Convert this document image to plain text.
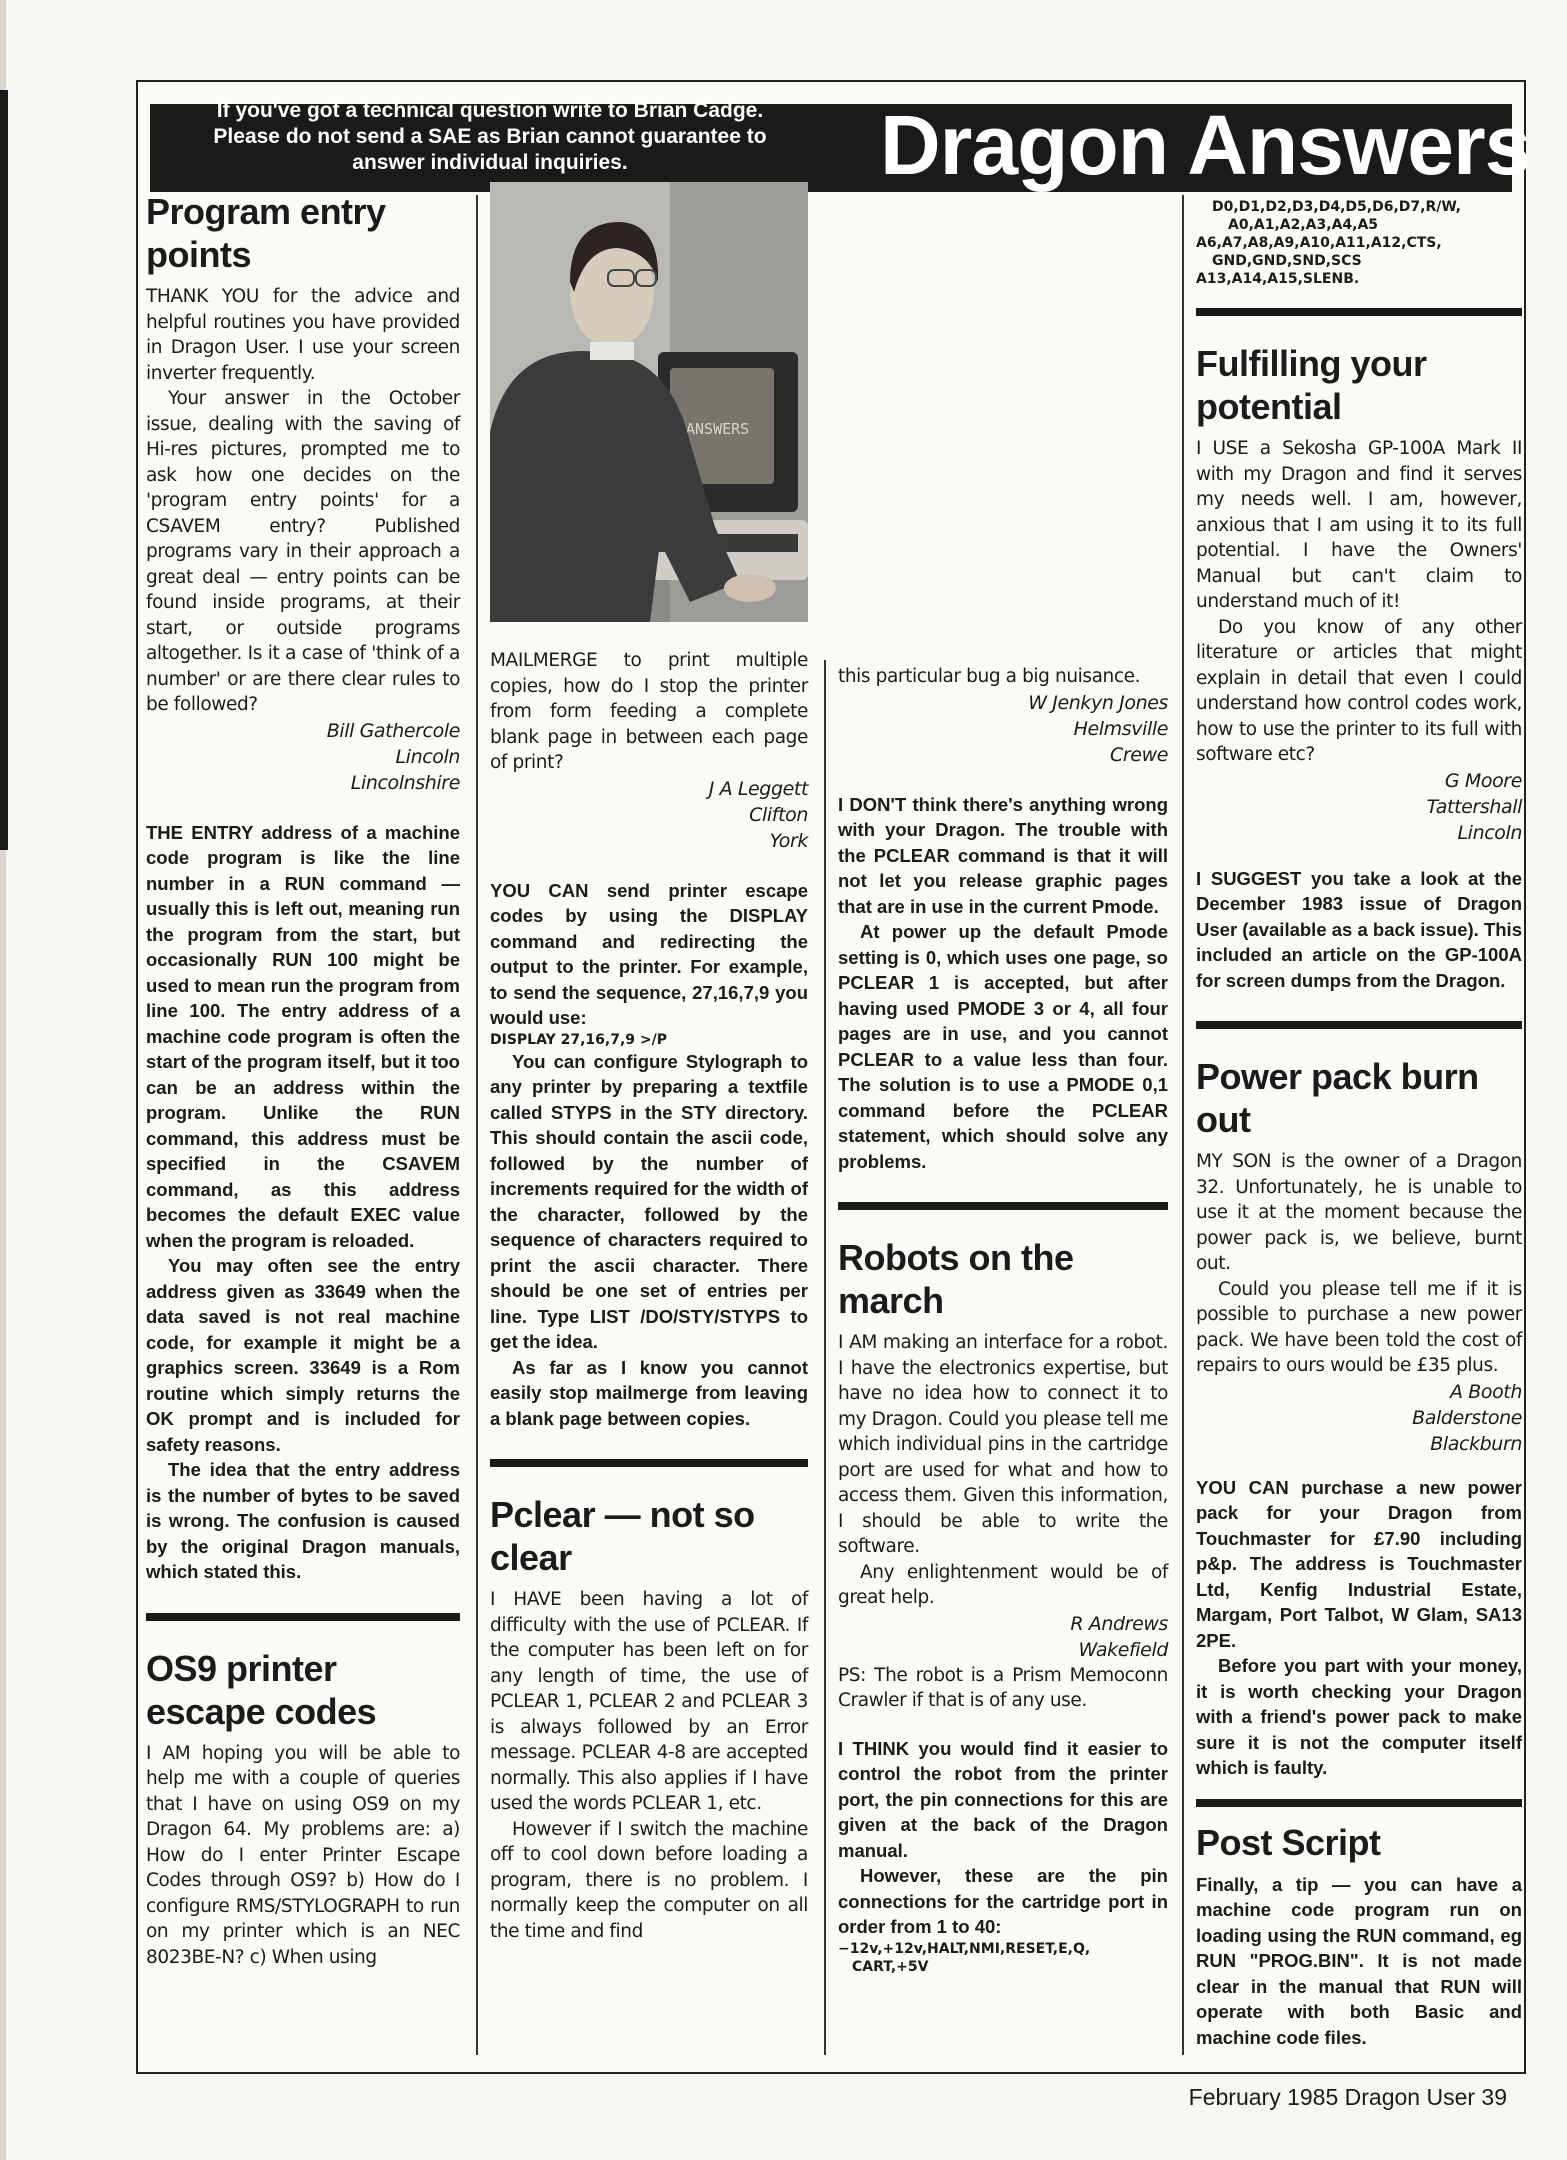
If you've got a technical question write to Brian Cadge.
Please do not send a SAE as Brian cannot guarantee to
answer individual inquiries.	Dragon Answers
Program entry points

THANK YOU for the advice and helpful routines you have provided in Dragon User. I use your screen inverter frequently.

Your answer in the October issue, dealing with the saving of Hi-res pictures, prompted me to ask how one decides on the 'program entry points' for a CSAVEM entry? Published programs vary in their approach a great deal — entry points can be found inside programs, at their start, or outside programs altogether. Is it a case of 'think of a number' or are there clear rules to be followed?

Bill Gathercole
Lincoln
Lincolnshire

THE ENTRY address of a machine code program is like the line number in a RUN command — usually this is left out, meaning run the program from the start, but occasionally RUN 100 might be used to mean run the program from line 100. The entry address of a machine code program is often the start of the program itself, but it too can be an address within the program. Unlike the RUN command, this address must be specified in the CSAVEM command, as this address becomes the default EXEC value when the program is reloaded.

You may often see the entry address given as 33649 when the data saved is not real machine code, for example it might be a graphics screen. 33649 is a Rom routine which simply returns the OK prompt and is included for safety reasons.

The idea that the entry address is the number of bytes to be saved is wrong. The confusion is caused by the original Dragon manuals, which stated this.

OS9 printer escape codes

I AM hoping you will be able to help me with a couple of queries that I have on using OS9 on my Dragon 64. My problems are: a) How do I enter Printer Escape Codes through OS9? b) How do I configure RMS/STYLOGRAPH to run on my printer which is an NEC 8023BE-N? c) When using

ANSWERS

MAILMERGE to print multiple copies, how do I stop the printer from form feeding a complete blank page in between each page of print?

J A Leggett
Clifton
York

YOU CAN send printer escape codes by using the DISPLAY command and redirecting the output to the printer. For example, to send the sequence, 27,16,7,9 you would use:

DISPLAY 27,16,7,9 >/P

You can configure Stylograph to any printer by preparing a textfile called STYPS in the STY directory. This should contain the ascii code, followed by the number of increments required for the width of the character, followed by the sequence of characters required to print the ascii character. There should be one set of entries per line. Type LIST /DO/STY/STYPS to get the idea.

As far as I know you cannot easily stop mailmerge from leaving a blank page between copies.

Pclear — not so clear

I HAVE been having a lot of difficulty with the use of PCLEAR. If the computer has been left on for any length of time, the use of PCLEAR 1, PCLEAR 2 and PCLEAR 3 is always followed by an Error message. PCLEAR 4-8 are accepted normally. This also applies if I have used the words PCLEAR 1, etc.

However if I switch the machine off to cool down before loading a program, there is no problem. I normally keep the computer on all the time and find

this particular bug a big nuisance.

W Jenkyn Jones
Helmsville
Crewe

I DON'T think there's anything wrong with your Dragon. The trouble with the PCLEAR command is that it will not let you release graphic pages that are in use in the current Pmode.

At power up the default Pmode setting is 0, which uses one page, so PCLEAR 1 is accepted, but after having used PMODE 3 or 4, all four pages are in use, and you cannot PCLEAR to a value less than four. The solution is to use a PMODE 0,1 command before the PCLEAR statement, which should solve any problems.

Robots on the march

I AM making an interface for a robot. I have the electronics expertise, but have no idea how to connect it to my Dragon. Could you please tell me which individual pins in the cartridge port are used for what and how to access them. Given this information, I should be able to write the software.

Any enlightenment would be of great help.

R Andrews
Wakefield

PS: The robot is a Prism Memoconn Crawler if that is of any use.

I THINK you would find it easier to control the robot from the printer port, the pin connections for this are given at the back of the Dragon manual.

However, these are the pin connections for the cartridge port in order from 1 to 40:

−12v,+12v,HALT,NMI,RESET,E,Q,

CART,+5V

D0,D1,D2,D3,D4,D5,D6,D7,R/W,

A0,A1,A2,A3,A4,A5

A6,A7,A8,A9,A10,A11,A12,CTS,

GND,GND,SND,SCS

A13,A14,A15,SLENB.

Fulfilling your potential

I USE a Sekosha GP-100A Mark II with my Dragon and find it serves my needs well. I am, however, anxious that I am using it to its full potential. I have the Owners' Manual but can't claim to understand much of it!

Do you know of any other literature or articles that might explain in detail that even I could understand how control codes work, how to use the printer to its full with software etc?

G Moore
Tattershall
Lincoln

I SUGGEST you take a look at the December 1983 issue of Dragon User (available as a back issue). This included an article on the GP-100A for screen dumps from the Dragon.

Power pack burn out

MY SON is the owner of a Dragon 32. Unfortunately, he is unable to use it at the moment because the power pack is, we believe, burnt out.

Could you please tell me if it is possible to purchase a new power pack. We have been told the cost of repairs to ours would be £35 plus.

A Booth
Balderstone
Blackburn

YOU CAN purchase a new power pack for your Dragon from Touchmaster for £7.90 including p&p. The address is Touchmaster Ltd, Kenfig Industrial Estate, Margam, Port Talbot, W Glam, SA13 2PE.

Before you part with your money, it is worth checking your Dragon with a friend's power pack to make sure it is not the computer itself which is faulty.

Post Script

Finally, a tip — you can have a machine code program run on loading using the RUN command, eg RUN "PROG.BIN". It is not made clear in the manual that RUN will operate with both Basic and machine code files.

February 1985 Dragon User 39
